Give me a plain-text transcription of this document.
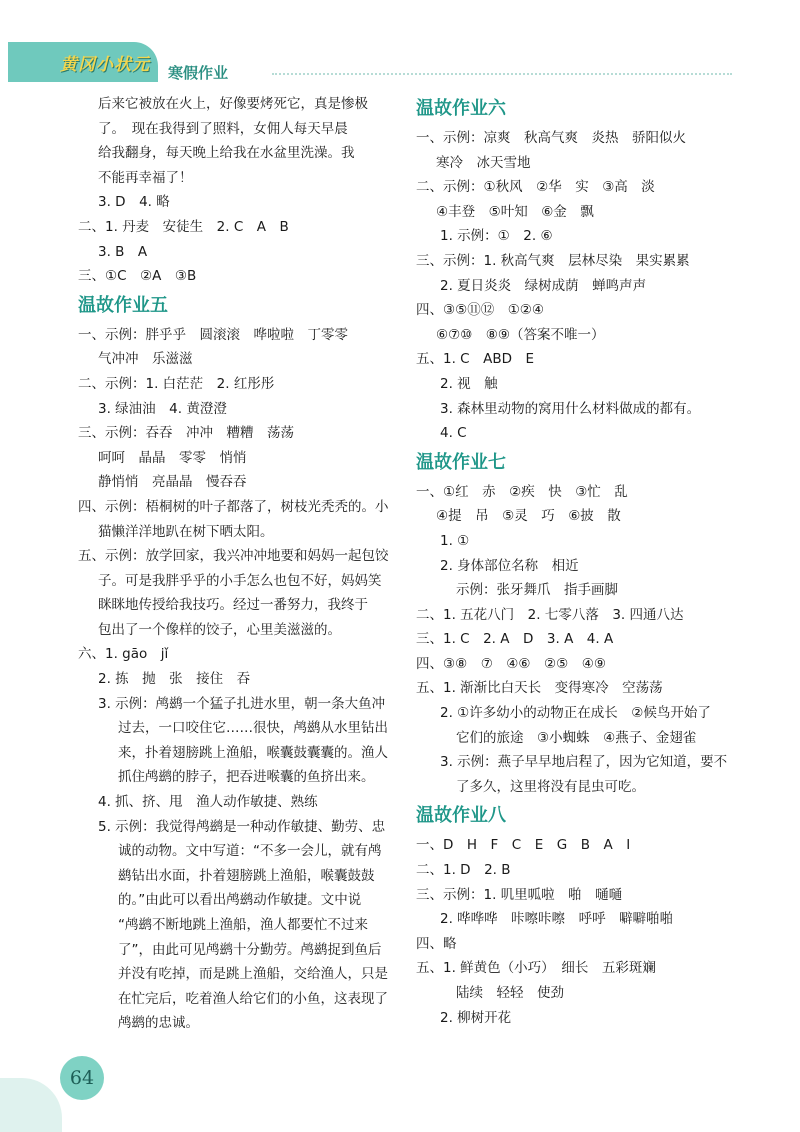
黄冈小状元 寒假作业
后来它被放在火上，好像要烤死它，真是惨极
了。　现在我得到了照料，女佣人每天早晨
给我翻身，每天晚上给我在水盆里洗澡。我
不能再幸福了！
3. D　4. 略
二、1. 丹麦　安徒生　2. C　A　B
3. B　A
三、①C　②A　③B
温故作业五
一、示例：胖乎乎　圆滚滚　哗啦啦　丁零零
气冲冲　乐滋滋
二、示例：1. 白茫茫　2. 红彤彤
3. 绿油油　4. 黄澄澄
三、示例：吞吞　冲冲　糟糟　荡荡
呵呵　晶晶　零零　悄悄
静悄悄　亮晶晶　慢吞吞
四、示例：梧桐树的叶子都落了，树枝光秃秃的。小
猫懒洋洋地趴在树下晒太阳。
五、示例：放学回家，我兴冲冲地要和妈妈一起包饺
子。可是我胖乎乎的小手怎么也包不好，妈妈笑
眯眯地传授给我技巧。经过一番努力，我终于
包出了一个像样的饺子，心里美滋滋的。
六、1. gāo　jǐ
2. 拣　抛　张　接住　吞
3. 示例：鸬鹚一个猛子扎进水里，朝一条大鱼冲
过去，一口咬住它……很快，鸬鹚从水里钻出
来，扑着翅膀跳上渔船，喉囊鼓囊囊的。渔人
抓住鸬鹚的脖子，把吞进喉囊的鱼挤出来。
4. 抓、挤、甩　渔人动作敏捷、熟练
5. 示例：我觉得鸬鹚是一种动作敏捷、勤劳、忠
诚的动物。文中写道：“不多一会儿，就有鸬
鹚钻出水面，扑着翅膀跳上渔船，喉囊鼓鼓
的。”由此可以看出鸬鹚动作敏捷。文中说
“鸬鹚不断地跳上渔船，渔人都要忙不过来
了”，由此可见鸬鹚十分勤劳。鸬鹚捉到鱼后
并没有吃掉，而是跳上渔船，交给渔人，只是
在忙完后，吃着渔人给它们的小鱼，这表现了
鸬鹚的忠诚。
温故作业六
一、示例：凉爽　秋高气爽　炎热　骄阳似火
寒冷　冰天雪地
二、示例：①秋风　②华　实　③高　淡
④丰登　⑤叶知　⑥金　飘
1. 示例：①　2. ⑥
三、示例：1. 秋高气爽　层林尽染　果实累累
2. 夏日炎炎　绿树成荫　蝉鸣声声
四、③⑤⑪⑫　①②④
⑥⑦⑩　⑧⑨（答案不唯一）
五、1. C　ABD　E
2. 视　触
3. 森林里动物的窝用什么材料做成的都有。
4. C
温故作业七
一、①红　赤　②疾　快　③忙　乱
④提　吊　⑤灵　巧　⑥披　散
1. ①
2. 身体部位名称　相近
示例：张牙舞爪　指手画脚
二、1. 五花八门　2. 七零八落　3. 四通八达
三、1. C　2. A　D　3. A　4. A
四、③⑧　⑦　④⑥　②⑤　④⑨
五、1. 渐渐比白天长　变得寒冷　空荡荡
2. ①许多幼小的动物正在成长　②候鸟开始了
它们的旅途　③小蜘蛛　④燕子、金翅雀
3. 示例：燕子早早地启程了，因为它知道，要不
了多久，这里将没有昆虫可吃。
温故作业八
一、D　H　F　C　E　G　B　A　I
二、1. D　2. B
三、示例：1. 叽里呱啦　啪　嗵嗵
2. 哗哗哗　咔嚓咔嚓　呼呼　噼噼啪啪
四、略
五、1. 鲜黄色（小巧）　细长　五彩斑斓
陆续　轻轻　使劲
2. 柳树开花
64
